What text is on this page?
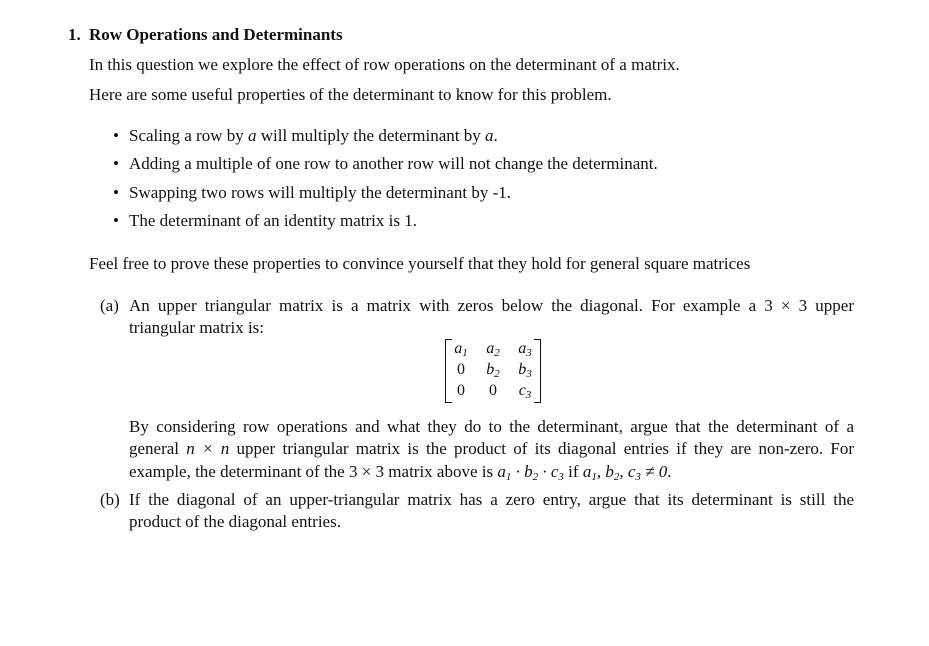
1. Row Operations and Determinants
In this question we explore the effect of row operations on the determinant of a matrix.
Here are some useful properties of the determinant to know for this problem.
• Scaling a row by a will multiply the determinant by a.
• Adding a multiple of one row to another row will not change the determinant.
• Swapping two rows will multiply the determinant by -1.
• The determinant of an identity matrix is 1.
Feel free to prove these properties to convince yourself that they hold for general square matrices
(a) An upper triangular matrix is a matrix with zeros below the diagonal. For example a 3 × 3 upper
triangular matrix is:
$a_1$	$a_2$	$a_3$
0	$b_2$	$b_3$
0	0	$c_3$
By considering row operations and what they do to the determinant, argue that the determinant of a
general n × n upper triangular matrix is the product of its diagonal entries if they are non-zero. For
example, the determinant of the 3 × 3 matrix above is $a_1 \cdot b_2 \cdot c_3$ if $a_1$, $b_2$, $c_3 \ne 0$.
(b) If the diagonal of an upper-triangular matrix has a zero entry, argue that its determinant is still the
product of the diagonal entries.
